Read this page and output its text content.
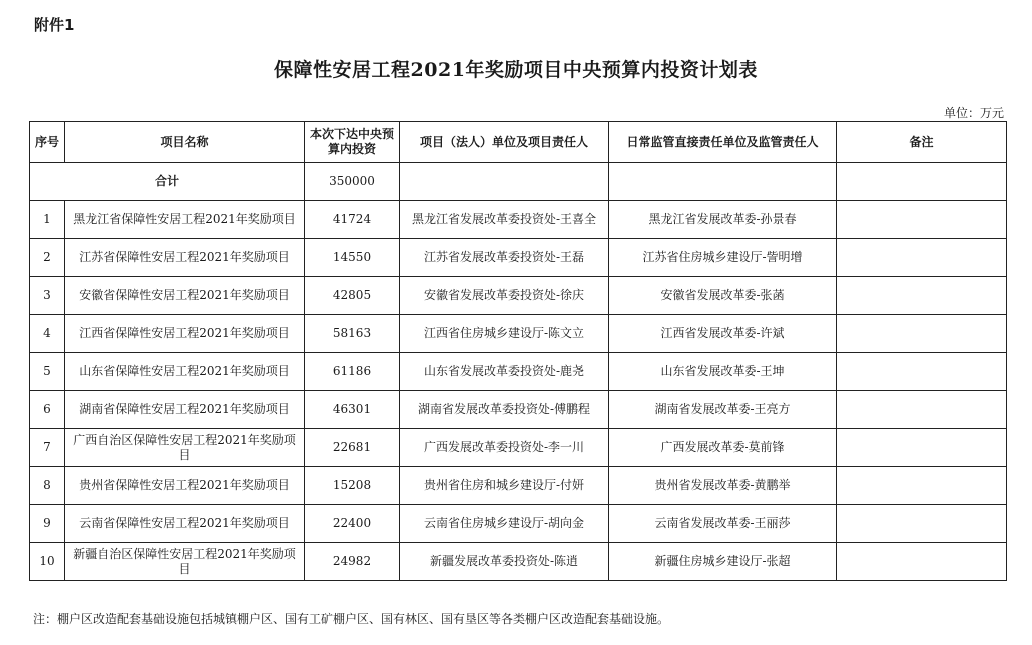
附件1
保障性安居工程2021年奖励项目中央预算内投资计划表
单位：万元
序号	项目名称	本次下达中央预算内投资	项目（法人）单位及项目责任人	日常监管直接责任单位及监管责任人	备注
合计		350000			
1	黑龙江省保障性安居工程2021年奖励项目	41724	黑龙江省发展改革委投资处-王喜全	黑龙江省发展改革委-孙景春	
2	江苏省保障性安居工程2021年奖励项目	14550	江苏省发展改革委投资处-王磊	江苏省住房城乡建设厅-訾明增	
3	安徽省保障性安居工程2021年奖励项目	42805	安徽省发展改革委投资处-徐庆	安徽省发展改革委-张菡	
4	江西省保障性安居工程2021年奖励项目	58163	江西省住房城乡建设厅-陈文立	江西省发展改革委-许斌	
5	山东省保障性安居工程2021年奖励项目	61186	山东省发展改革委投资处-鹿尧	山东省发展改革委-王坤	
6	湖南省保障性安居工程2021年奖励项目	46301	湖南省发展改革委投资处-傅鹏程	湖南省发展改革委-王亮方	
7	广西自治区保障性安居工程2021年奖励项目	22681	广西发展改革委投资处-李一川	广西发展改革委-莫前锋	
8	贵州省保障性安居工程2021年奖励项目	15208	贵州省住房和城乡建设厅-付妍	贵州省发展改革委-黄鹏举	
9	云南省保障性安居工程2021年奖励项目	22400	云南省住房城乡建设厅-胡向金	云南省发展改革委-王丽莎	
10	新疆自治区保障性安居工程2021年奖励项目	24982	新疆发展改革委投资处-陈逍	新疆住房城乡建设厅-张超	
注：棚户区改造配套基础设施包括城镇棚户区、国有工矿棚户区、国有林区、国有垦区等各类棚户区改造配套基础设施。
